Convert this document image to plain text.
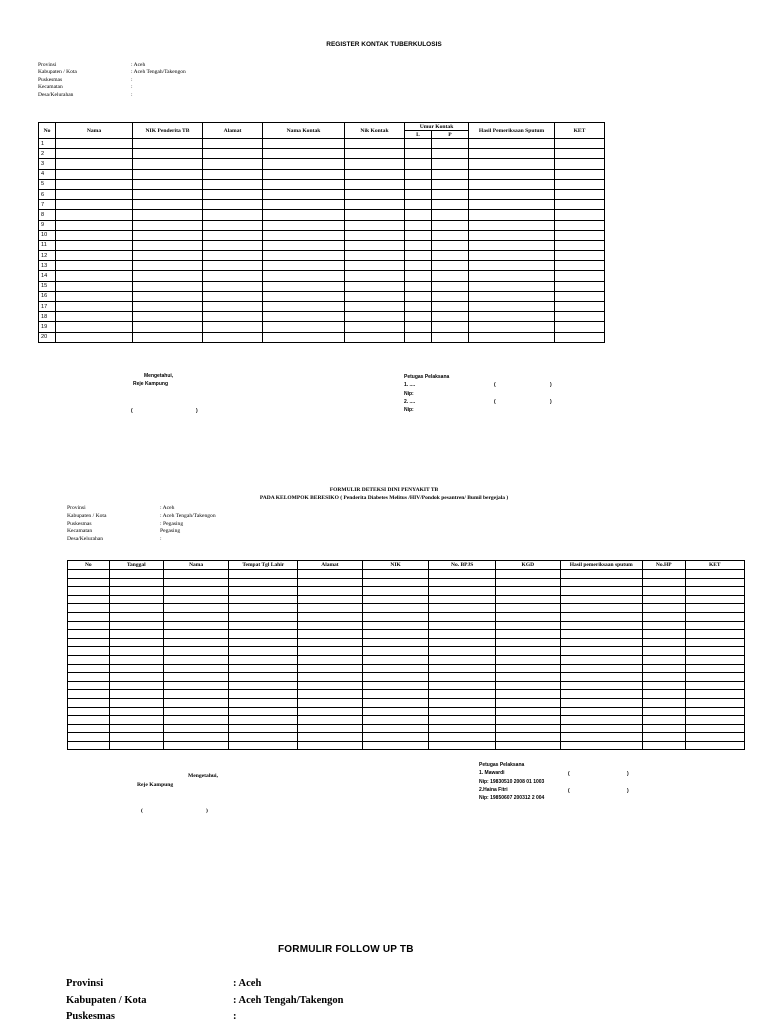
REGISTER KONTAK TUBERKULOSIS
Provinsi	: Aceh
Kabupaten / Kota	: Aceh Tengah/Takengon
Puskesmas	:
Kecamatan	:
Desa/Kelurahan	:
No	Nama	NIK Penderita TB	Alamat	Nama Kontak	Nik Kontak	Umur Kontak		Hasil Pemeriksaan Sputum	KET
						L	P		
1									
2									
3									
4									
5									
6									
7									
8									
9									
10									
11									
12									
13									
14									
15									
16									
17									
18									
19									
20									
Mengetahui,
Reje Kampung
(	)
Petugas Pelaksana
1. ....
Nip:
2. ....
Nip:
(	)
(	)
FORMULIR DETEKSI DINI PENYAKIT TB
PADA KELOMPOK BERESIKO ( Penderita Diabetes Melitus /HIV/Pondok pesantren/ Bumil bergejala )
Provinsi	: Aceh
Kabupaten / Kota	: Aceh Tengah/Takengon
Puskesmas	: Pegasing
Kecamatan	Pegasing
Desa/Kelurahan	:
No	Tanggal	Nama	Tempat Tgl Lahir	Alamat	NIK	No. BPJS	KGD	Hasil pemeriksaan sputum	No.HP	KET

Mengetahui,
Reje Kampung
(	)
Petugas Pelaksana
1. Mawardi
Nip: 19830510 2008 01 1003
2.Haina Fitri
Nip: 19850607 200312 2 004
(	)
(	)
FORMULIR FOLLOW UP TB
Provinsi	: Aceh
Kabupaten / Kota	: Aceh Tengah/Takengon
Puskesmas	:
